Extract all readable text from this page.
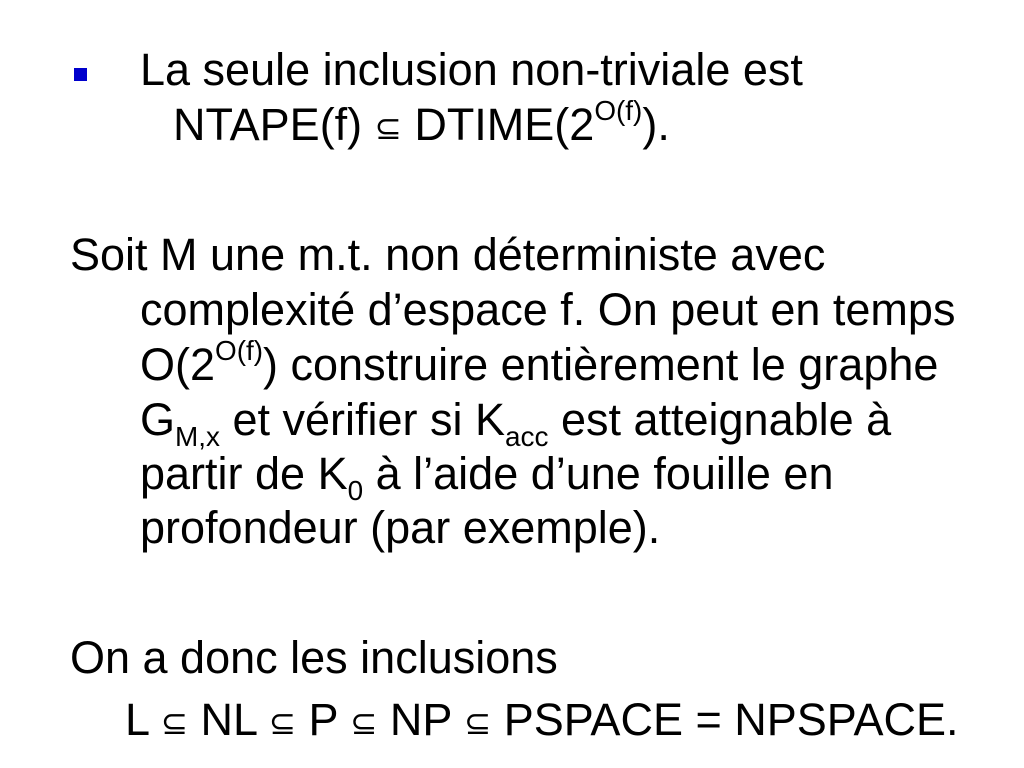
La seule inclusion non-triviale est
NTAPE(f) ⊆ $DTIME(2^{O(f)})$.
Soit M une m.t. non déterministe avec
complexité d’espace f. On peut en temps
$O(2^{O(f)})$ construire entièrement le graphe
$G_{M,x}$ et vérifier si $K_{acc}$ est atteignable à
partir de $K_0$ à l’aide d’une fouille en
profondeur (par exemple).
On a donc les inclusions
L ⊆ NL ⊆ P ⊆ NP ⊆ PSPACE = NPSPACE.
